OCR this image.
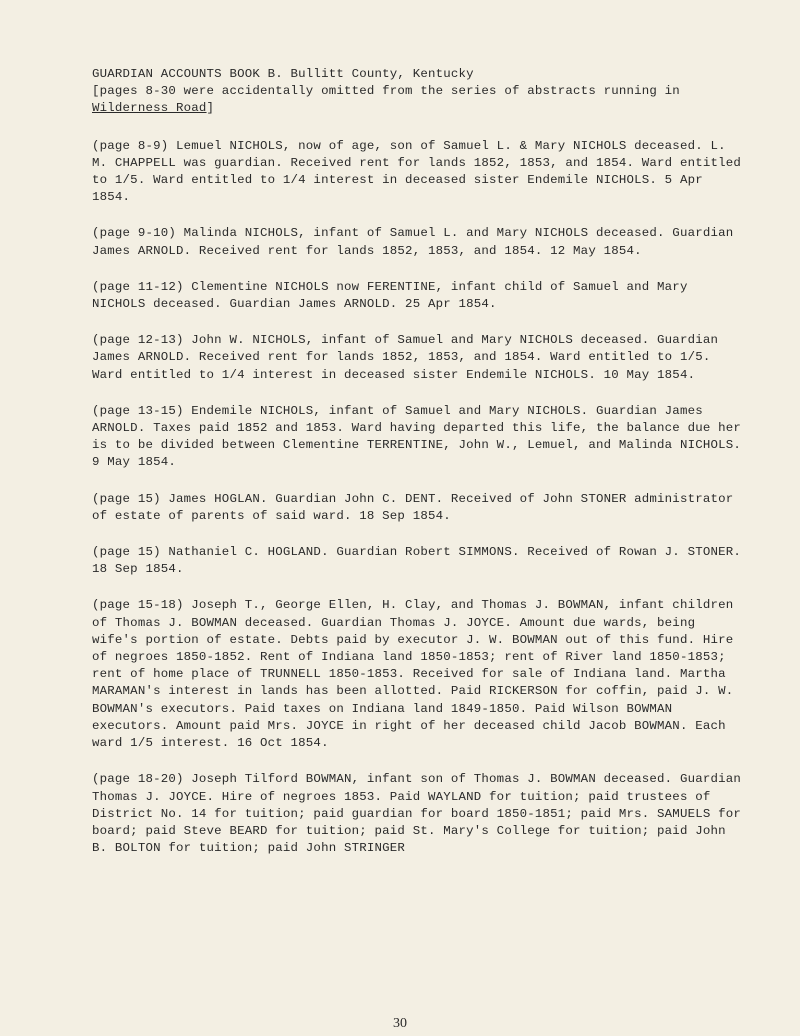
GUARDIAN ACCOUNTS BOOK B. Bullitt County, Kentucky
[pages 8-30 were accidentally omitted from the series of abstracts running in Wilderness Road]

(page 8-9) Lemuel NICHOLS, now of age, son of Samuel L. & Mary NICHOLS deceased. L. M. CHAPPELL was guardian. Received rent for lands 1852, 1853, and 1854. Ward entitled to 1/5. Ward entitled to 1/4 interest in deceased sister Endemile NICHOLS. 5 Apr 1854.

(page 9-10) Malinda NICHOLS, infant of Samuel L. and Mary NICHOLS deceased. Guardian James ARNOLD. Received rent for lands 1852, 1853, and 1854. 12 May 1854.

(page 11-12) Clementine NICHOLS now FERENTINE, infant child of Samuel and Mary NICHOLS deceased. Guardian James ARNOLD. 25 Apr 1854.

(page 12-13) John W. NICHOLS, infant of Samuel and Mary NICHOLS deceased. Guardian James ARNOLD. Received rent for lands 1852, 1853, and 1854. Ward entitled to 1/5. Ward entitled to 1/4 interest in deceased sister Endemile NICHOLS. 10 May 1854.

(page 13-15) Endemile NICHOLS, infant of Samuel and Mary NICHOLS. Guardian James ARNOLD. Taxes paid 1852 and 1853. Ward having departed this life, the balance due her is to be divided between Clementine TERRENTINE, John W., Lemuel, and Malinda NICHOLS. 9 May 1854.

(page 15) James HOGLAN. Guardian John C. DENT. Received of John STONER administrator of estate of parents of said ward. 18 Sep 1854.

(page 15) Nathaniel C. HOGLAND. Guardian Robert SIMMONS. Received of Rowan J. STONER. 18 Sep 1854.

(page 15-18) Joseph T., George Ellen, H. Clay, and Thomas J. BOWMAN, infant children of Thomas J. BOWMAN deceased. Guardian Thomas J. JOYCE. Amount due wards, being wife's portion of estate. Debts paid by executor J. W. BOWMAN out of this fund. Hire of negroes 1850-1852. Rent of Indiana land 1850-1853; rent of River land 1850-1853; rent of home place of TRUNNELL 1850-1853. Received for sale of Indiana land. Martha MARAMAN's interest in lands has been allotted. Paid RICKERSON for coffin, paid J. W. BOWMAN's executors. Paid taxes on Indiana land 1849-1850. Paid Wilson BOWMAN executors. Amount paid Mrs. JOYCE in right of her deceased child Jacob BOWMAN. Each ward 1/5 interest. 16 Oct 1854.

(page 18-20) Joseph Tilford BOWMAN, infant son of Thomas J. BOWMAN deceased. Guardian Thomas J. JOYCE. Hire of negroes 1853. Paid WAYLAND for tuition; paid trustees of District No. 14 for tuition; paid guardian for board 1850-1851; paid Mrs. SAMUELS for board; paid Steve BEARD for tuition; paid St. Mary's College for tuition; paid John B. BOLTON for tuition; paid John STRINGER

30
